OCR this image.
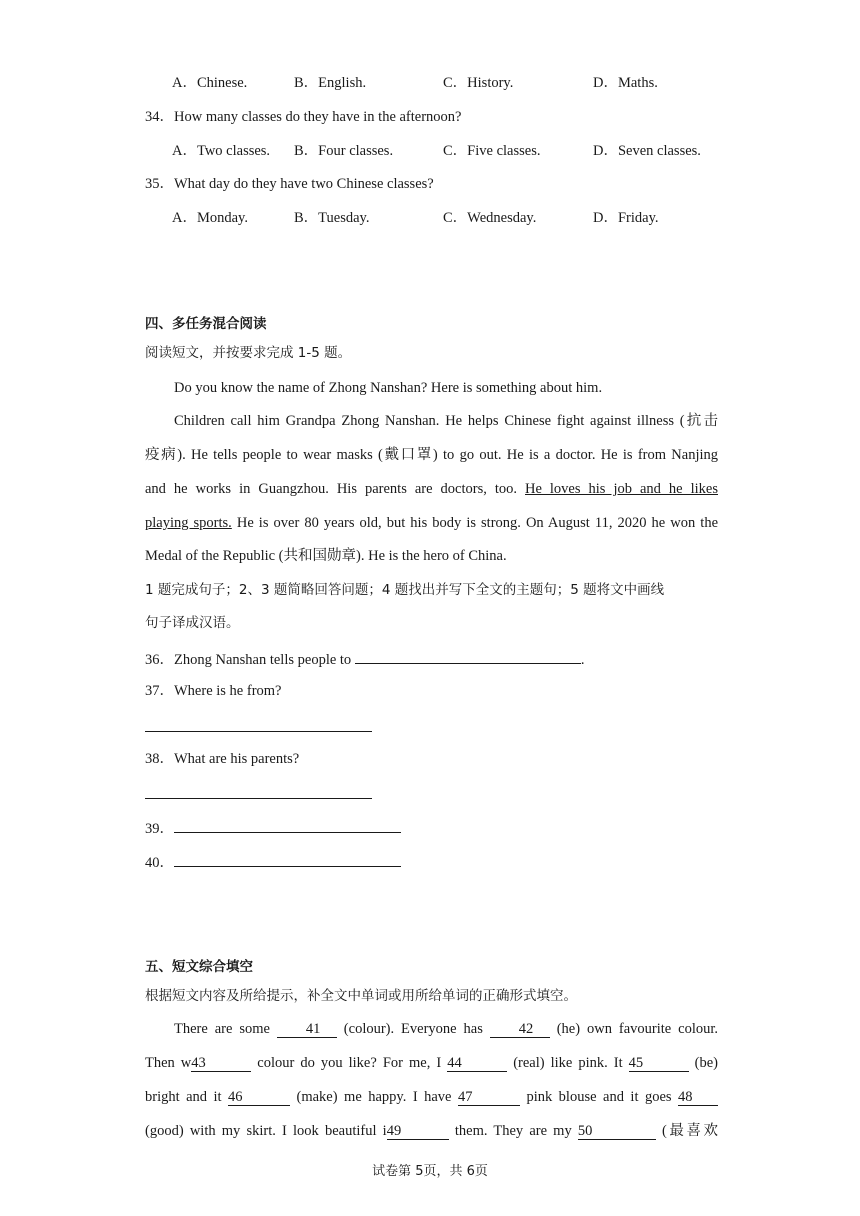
A．Chinese.	B．English.	C．History.	D．Maths.
34．How many classes do they have in the afternoon?
A．Two classes. B．Four classes.	C．Five classes.	D．Seven classes.
35．What day do they have two Chinese classes?
A．Monday.	B．Tuesday.	C．Wednesday.	D．Friday.
四、多任务混合阅读
阅读短文，并按要求完成 1-5 题。
Do you know the name of Zhong Nanshan? Here is something about him.
Children call him Grandpa Zhong Nanshan. He helps Chinese fight against illness (抗击
疫病). He tells people to wear masks (戴口罩) to go out. He is a doctor. He is from Nanjing
and he works in Guangzhou. His parents are doctors, too. He loves his job and he likes
playing sports. He is over 80 years old, but his body is strong. On August 11, 2020 he won the
Medal of the Republic (共和国勋章). He is the hero of China.
1 题完成句子；2、3 题简略回答问题；4 题找出并写下全文的主题句；5 题将文中画线
句子译成汉语。
36．Zhong Nanshan tells people to	.
37．Where is he from?
38．What are his parents?
39．
40．
五、短文综合填空
根据短文内容及所给提示，补全文中单词或用所给单词的正确形式填空。
There are some 41 (colour). Everyone has 42 (he) own favourite colour.
Then w43	colour do you like? For me, I 44	(real) like pink. It 45	(be)
bright and it 46	(make) me happy. I have 47	pink blouse and it goes 48
(good) with my skirt. I look beautiful i49	them. They are my 50	(最喜欢
试卷第 5页，共 6页
